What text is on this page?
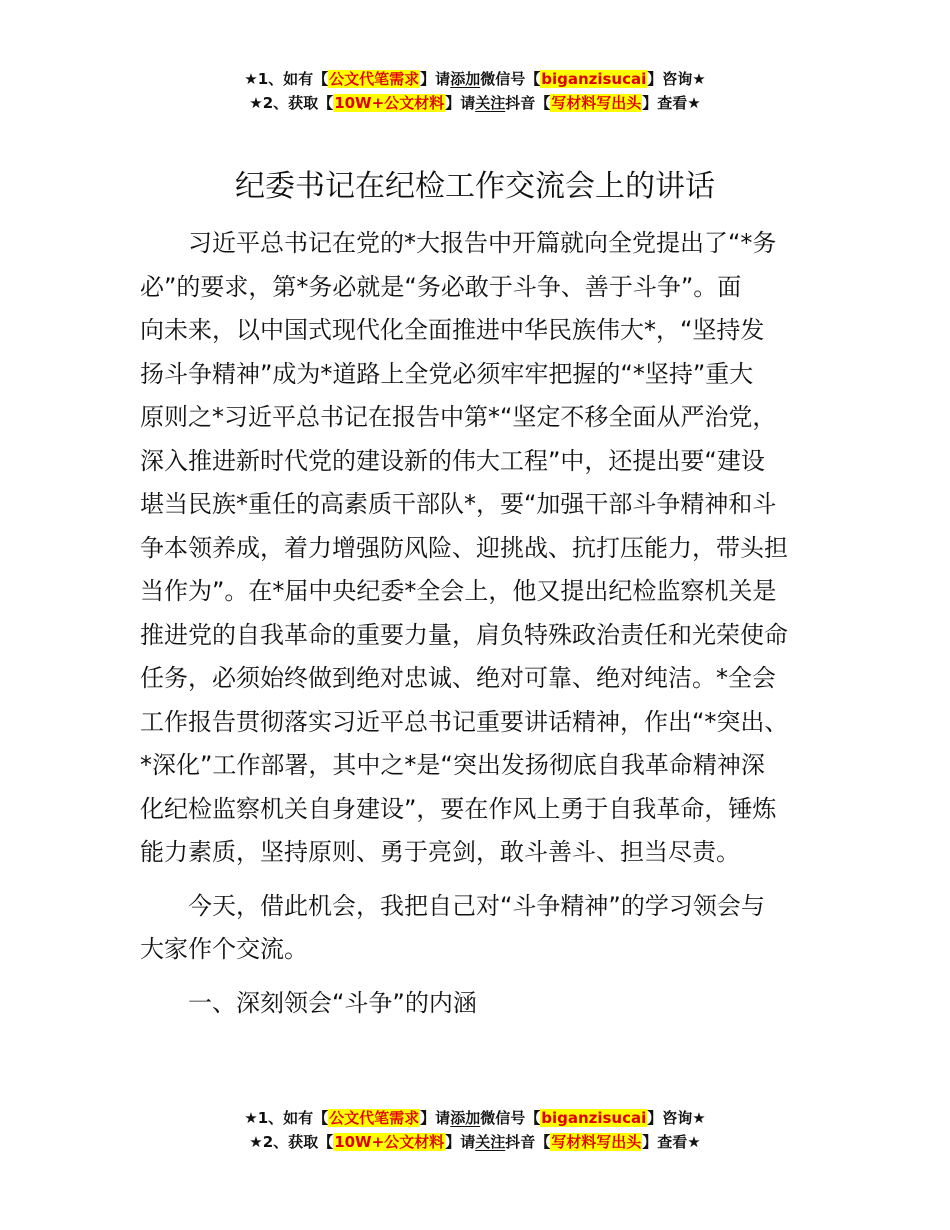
★1、如有【公文代笔需求】请添加微信号【biganzisucai】咨询★
★2、获取【10W+公文材料】请关注抖音【写材料写出头】查看★
纪委书记在纪检工作交流会上的讲话
习近平总书记在党的*大报告中开篇就向全党提出了“*务
必”的要求，第*务必就是“务必敢于斗争、善于斗争”。面
向未来，以中国式现代化全面推进中华民族伟大*，“坚持发
扬斗争精神”成为*道路上全党必须牢牢把握的“*坚持”重大
原则之*习近平总书记在报告中第*“坚定不移全面从严治党，
深入推进新时代党的建设新的伟大工程”中，还提出要“建设
堪当民族*重任的高素质干部队*，要“加强干部斗争精神和斗
争本领养成，着力增强防风险、迎挑战、抗打压能力，带头担
当作为”。在*届中央纪委*全会上，他又提出纪检监察机关是
推进党的自我革命的重要力量，肩负特殊政治责任和光荣使命
任务，必须始终做到绝对忠诚、绝对可靠、绝对纯洁。*全会
工作报告贯彻落实习近平总书记重要讲话精神，作出“*突出、
*深化”工作部署，其中之*是“突出发扬彻底自我革命精神深
化纪检监察机关自身建设”，要在作风上勇于自我革命，锤炼
能力素质，坚持原则、勇于亮剑，敢斗善斗、担当尽责。
今天，借此机会，我把自己对“斗争精神”的学习领会与
大家作个交流。
一、深刻领会“斗争”的内涵
★1、如有【公文代笔需求】请添加微信号【biganzisucai】咨询★
★2、获取【10W+公文材料】请关注抖音【写材料写出头】查看★
